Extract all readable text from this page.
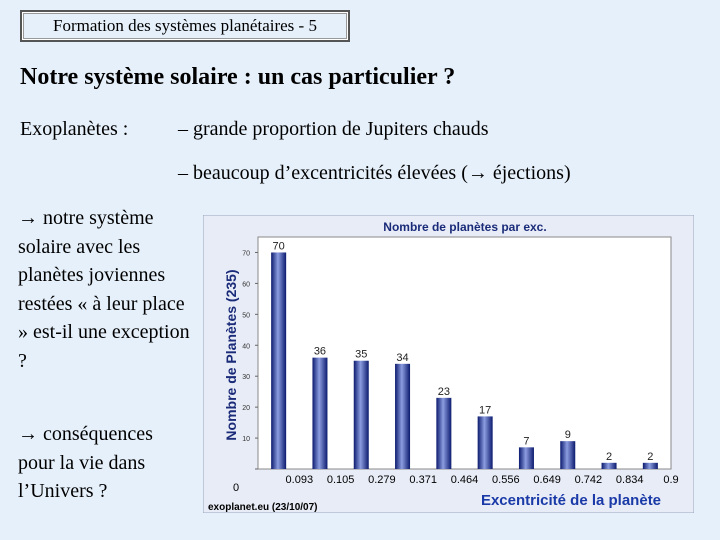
Formation des systèmes planétaires - 5
Notre système solaire : un cas particulier ?
Exoplanètes : – grande proportion de Jupiters chauds
– beaucoup d’excentricités élevées (→ éjections)
→ notre système solaire avec les planètes joviennes restées « à leur place » est-il une exception ?
→ conséquences pour la vie dans l’Univers ?
Nombre de planètes par exc.
Nombre de Planètes (235)
Excentricité de la planète
exoplanet.eu (23/10/07)
10
20
30
40
50
60
70
0
70
36	35	34
23
17
7
9
2	2
0.093 0.105 0.279 0.371 0.464 0.556 0.649 0.742 0.834 0.9
